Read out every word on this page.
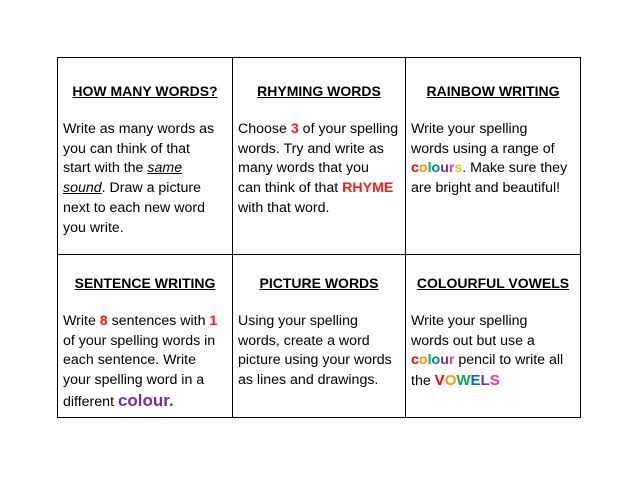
HOW MANY WORDS?
Write as many words as
you can think of that
start with the same
sound. Draw a picture
next to each new word
you write.
RHYMING WORDS
Choose 3 of your spelling
words. Try and write as
many words that you
can think of that RHYME
with that word.
RAINBOW WRITING
Write your spelling
words using a range of
colours. Make sure they
are bright and beautiful!
SENTENCE WRITING
Write 8 sentences with 1
of your spelling words in
each sentence. Write
your spelling word in a
different colour.
PICTURE WORDS
Using your spelling
words, create a word
picture using your words
as lines and drawings.
COLOURFUL VOWELS
Write your spelling
words out but use a
colour pencil to write all
the VOWELS
